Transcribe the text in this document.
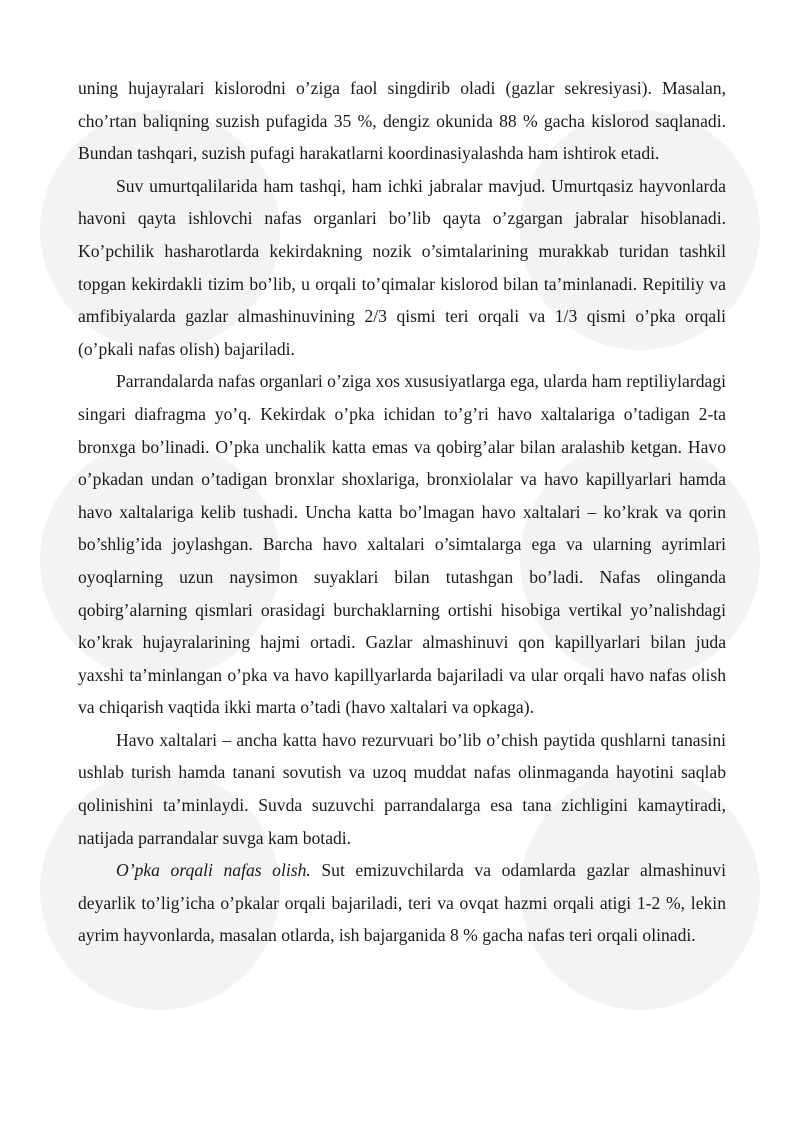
uning hujayralari kislorodni o’ziga faol singdirib oladi (gazlar sekresiyasi). Masalan, cho’rtan baliqning suzish pufagida 35 %, dengiz okunida 88 % gacha kislorod saqlanadi. Bundan tashqari, suzish pufagi harakatlarni koordinasiyalashda ham ishtirok etadi.

Suv umurtqalilarida ham tashqi, ham ichki jabralar mavjud. Umurtqasiz hayvonlarda havoni qayta ishlovchi nafas organlari bo’lib qayta o’zgargan jabralar hisoblanadi. Ko’pchilik hasharotlarda kekirdakning nozik o’simtalarining murakkab turidan tashkil topgan kekirdakli tizim bo’lib, u orqali to’qimalar kislorod bilan ta’minlanadi. Repitiliy va amfibiyalarda gazlar almashinuvining 2/3 qismi teri orqali va 1/3 qismi o’pka orqali (o’pkali nafas olish) bajariladi.

Parrandalarda nafas organlari o’ziga xos xususiyatlarga ega, ularda ham reptiliylardagi singari diafragma yo’q. Kekirdak o’pka ichidan to’g’ri havo xaltalariga o’tadigan 2-ta bronxga bo’linadi. O’pka unchalik katta emas va qobirg’alar bilan aralashib ketgan. Havo o’pkadan undan o’tadigan bronxlar shoxlariga, bronxiolalar va havo kapillyarlari hamda havo xaltalariga kelib tushadi. Uncha katta bo’lmagan havo xaltalari – ko’krak va qorin bo’shlig’ida joylashgan. Barcha havo xaltalari o’simtalarga ega va ularning ayrimlari oyoqlarning uzun naysimon suyaklari bilan tutashgan bo’ladi. Nafas olinganda qobirg’alarning qismlari orasidagi burchaklarning ortishi hisobiga vertikal yo’nalishdagi ko’krak hujayralarining hajmi ortadi. Gazlar almashinuvi qon kapillyarlari bilan juda yaxshi ta’minlangan o’pka va havo kapillyarlarda bajariladi va ular orqali havo nafas olish va chiqarish vaqtida ikki marta o’tadi (havo xaltalari va opkaga).

Havo xaltalari – ancha katta havo rezurvuari bo’lib o’chish paytida qushlarni tanasini ushlab turish hamda tanani sovutish va uzoq muddat nafas olinmaganda hayotini saqlab qolinishini ta’minlaydi. Suvda suzuvchi parrandalarga esa tana zichligini kamaytiradi, natijada parrandalar suvga kam botadi.

O’pka orqali nafas olish. Sut emizuvchilarda va odamlarda gazlar almashinuvi deyarlik to’lig’icha o’pkalar orqali bajariladi, teri va ovqat hazmi orqali atigi 1-2 %, lekin ayrim hayvonlarda, masalan otlarda, ish bajarganida 8 % gacha nafas teri orqali olinadi.
